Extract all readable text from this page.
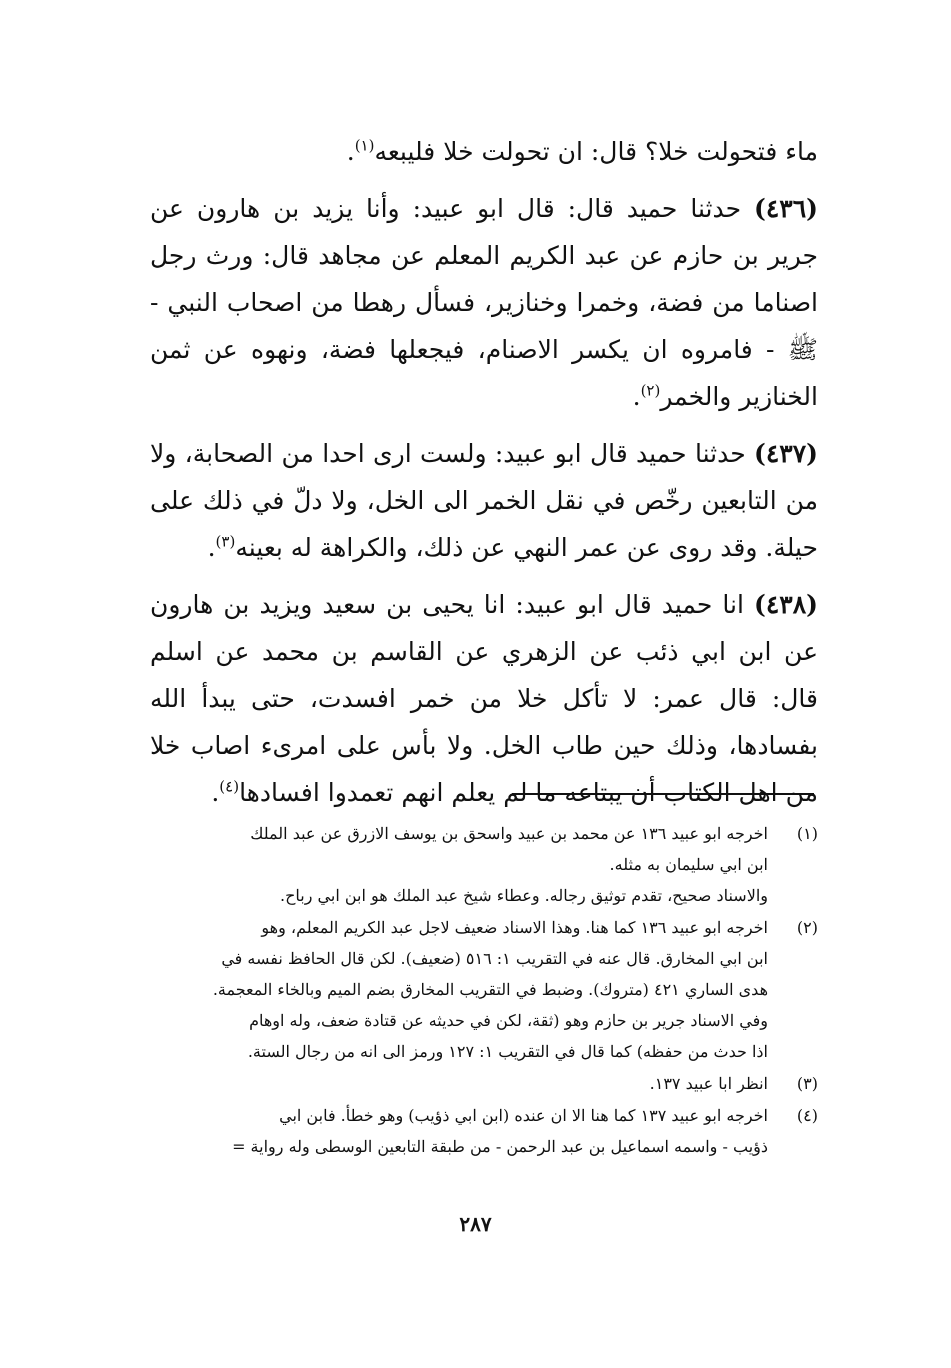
ماء فتحولت خلا؟ قال: ان تحولت خلا فليبعه$^{(١)}$.

(٤٣٦) حدثنا حميد قال: قال ابو عبيد: وأنا يزيد بن هارون عن جرير بن حازم عن عبد الكريم المعلم عن مجاهد قال: ورث رجل اصناما من فضة، وخمرا وخنازير، فسأل رهطا من اصحاب النبي - ﷺ - فامروه ان يكسر الاصنام، فيجعلها فضة، ونهوه عن ثمن الخنازير والخمر$^{(٢)}$.

(٤٣٧) حدثنا حميد قال ابو عبيد: ولست ارى احدا من الصحابة، ولا من التابعين رخّص في نقل الخمر الى الخل، ولا دلّ في ذلك على حيلة. وقد روى عن عمر النهي عن ذلك، والكراهة له بعينه$^{(٣)}$.

(٤٣٨) انا حميد قال ابو عبيد: انا يحيى بن سعيد ويزيد بن هارون عن ابن ابي ذئب عن الزهري عن القاسم بن محمد عن اسلم قال: قال عمر: لا تأكل خلا من خمر افسدت، حتى يبدأ الله بفسادها، وذلك حين طاب الخل. ولا بأس على امرىء اصاب خلا من اهل الكتاب أن يبتاعه ما لم يعلم انهم تعمدوا افسادها$^{(٤)}$.

(١)
اخرجه ابو عبيد ١٣٦ عن محمد بن عبيد واسحق بن يوسف الازرق عن عبد الملك
ابن ابي سليمان به مثله.
والاسناد صحيح، تقدم توثيق رجاله. وعطاء شيخ عبد الملك هو ابن ابي رباح.
(٢)
اخرجه ابو عبيد ١٣٦ كما هنا. وهذا الاسناد ضعيف لاجل عبد الكريم المعلم، وهو
ابن ابي المخارق. قال عنه في التقريب ١: ٥١٦ (ضعيف). لكن قال الحافظ نفسه في
هدى الساري ٤٢١ (متروك). وضبط في التقريب المخارق بضم الميم وبالخاء المعجمة.
وفي الاسناد جرير بن حازم وهو (ثقة، لكن في حديثه عن قتادة ضعف، وله اوهام
اذا حدث من حفظه) كما قال في التقريب ١: ١٢٧ ورمز الى انه من رجال الستة.
(٣)
انظر ابا عبيد ١٣٧.
(٤)
اخرجه ابو عبيد ١٣٧ كما هنا الا ان عنده (ابن ابي ذؤيب) وهو خطأ. فابن ابي
ذؤيب - واسمه اسماعيل بن عبد الرحمن - من طبقة التابعين الوسطى وله رواية =
٢٨٧
